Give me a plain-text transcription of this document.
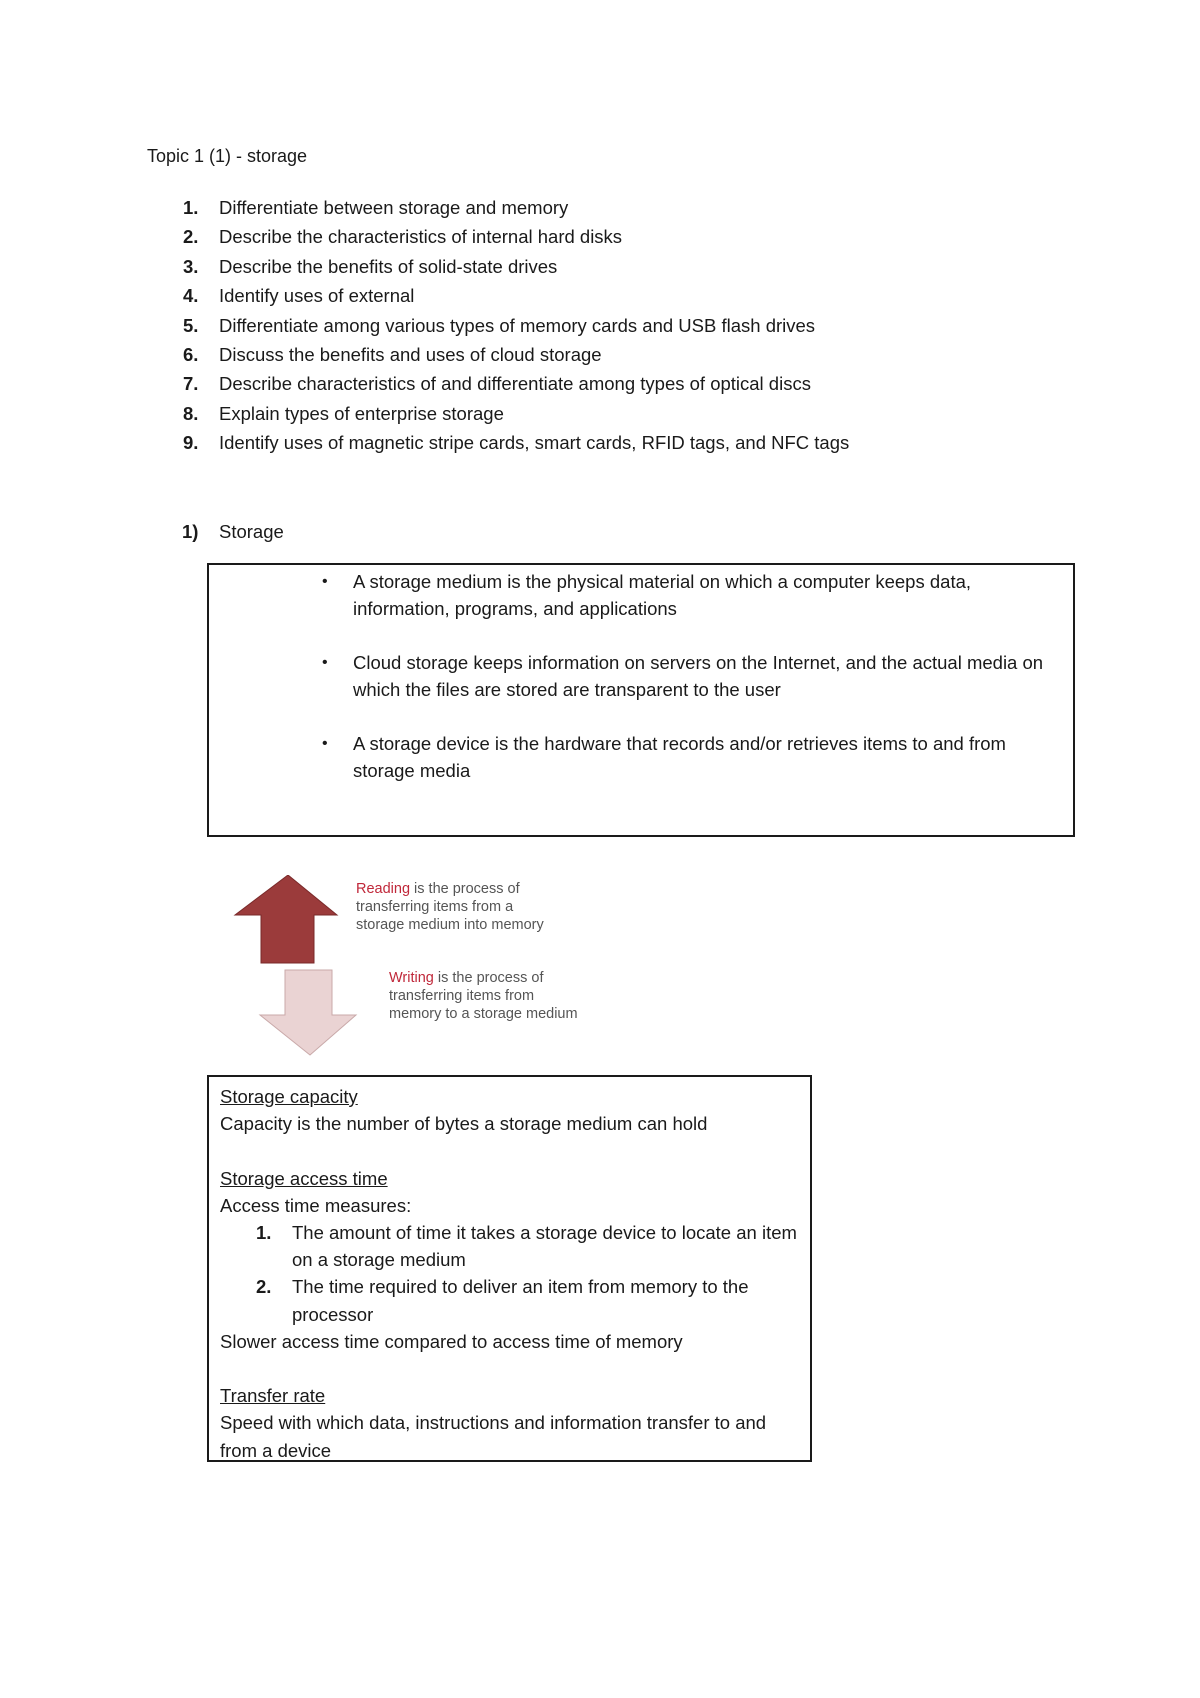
Topic 1 (1) - storage
1.	Differentiate between storage and memory
2.	Describe the characteristics of internal hard disks
3.	Describe the benefits of solid-state drives
4.	Identify uses of external
5.	Differentiate among various types of memory cards and USB flash drives
6.	Discuss the benefits and uses of cloud storage
7.	Describe characteristics of and differentiate among types of optical discs
8.	Explain types of enterprise storage
9.	Identify uses of magnetic stripe cards, smart cards, RFID tags, and NFC tags
1)	Storage
• A storage medium is the physical material on which a computer keeps data, information, programs, and applications
• Cloud storage keeps information on servers on the Internet, and the actual media on which the files are stored are transparent to the user
• A storage device is the hardware that records and/or retrieves items to and from storage media
Reading is the process of transferring items from a storage medium into memory
Writing is the process of transferring items from memory to a storage medium
Storage capacity
Capacity is the number of bytes a storage medium can hold
Storage access time
Access time measures:
1. The amount of time it takes a storage device to locate an item on a storage medium
2. The time required to deliver an item from memory to the processor
Slower access time compared to access time of memory
Transfer rate
Speed with which data, instructions and information transfer to and from a device
